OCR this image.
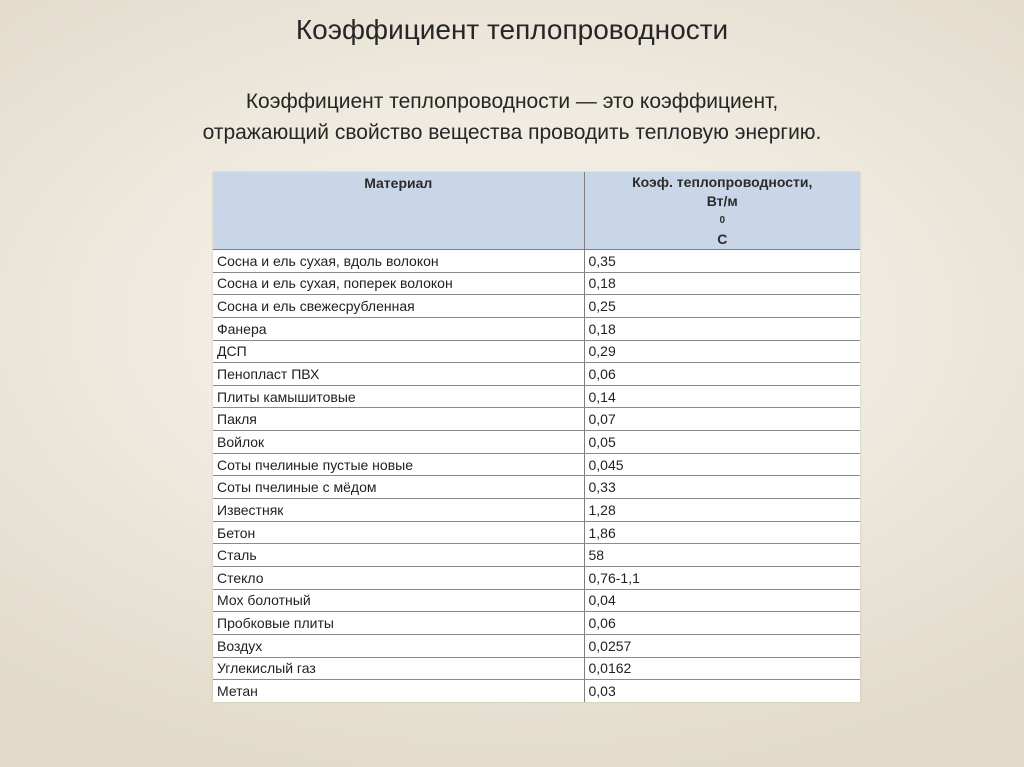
Коэффициент теплопроводности

Коэффициент теплопроводности — это коэффициент,
отражающий свойство вещества проводить тепловую энергию.

Материал	Коэф. теплопроводности,
Вт/м
0
С

Сосна и ель сухая, вдоль волокон	0,35
Сосна и ель сухая, поперек волокон	0,18
Сосна и ель свежесрубленная	0,25
Фанера	0,18
ДСП	0,29
Пенопласт ПВХ	0,06
Плиты камышитовые	0,14
Пакля	0,07
Войлок	0,05
Соты пчелиные пустые новые	0,045
Соты пчелиные с мёдом	0,33
Известняк	1,28
Бетон	1,86
Сталь	58
Стекло	0,76-1,1
Мох болотный	0,04
Пробковые плиты	0,06
Воздух	0,0257
Углекислый газ	0,0162
Метан	0,03
